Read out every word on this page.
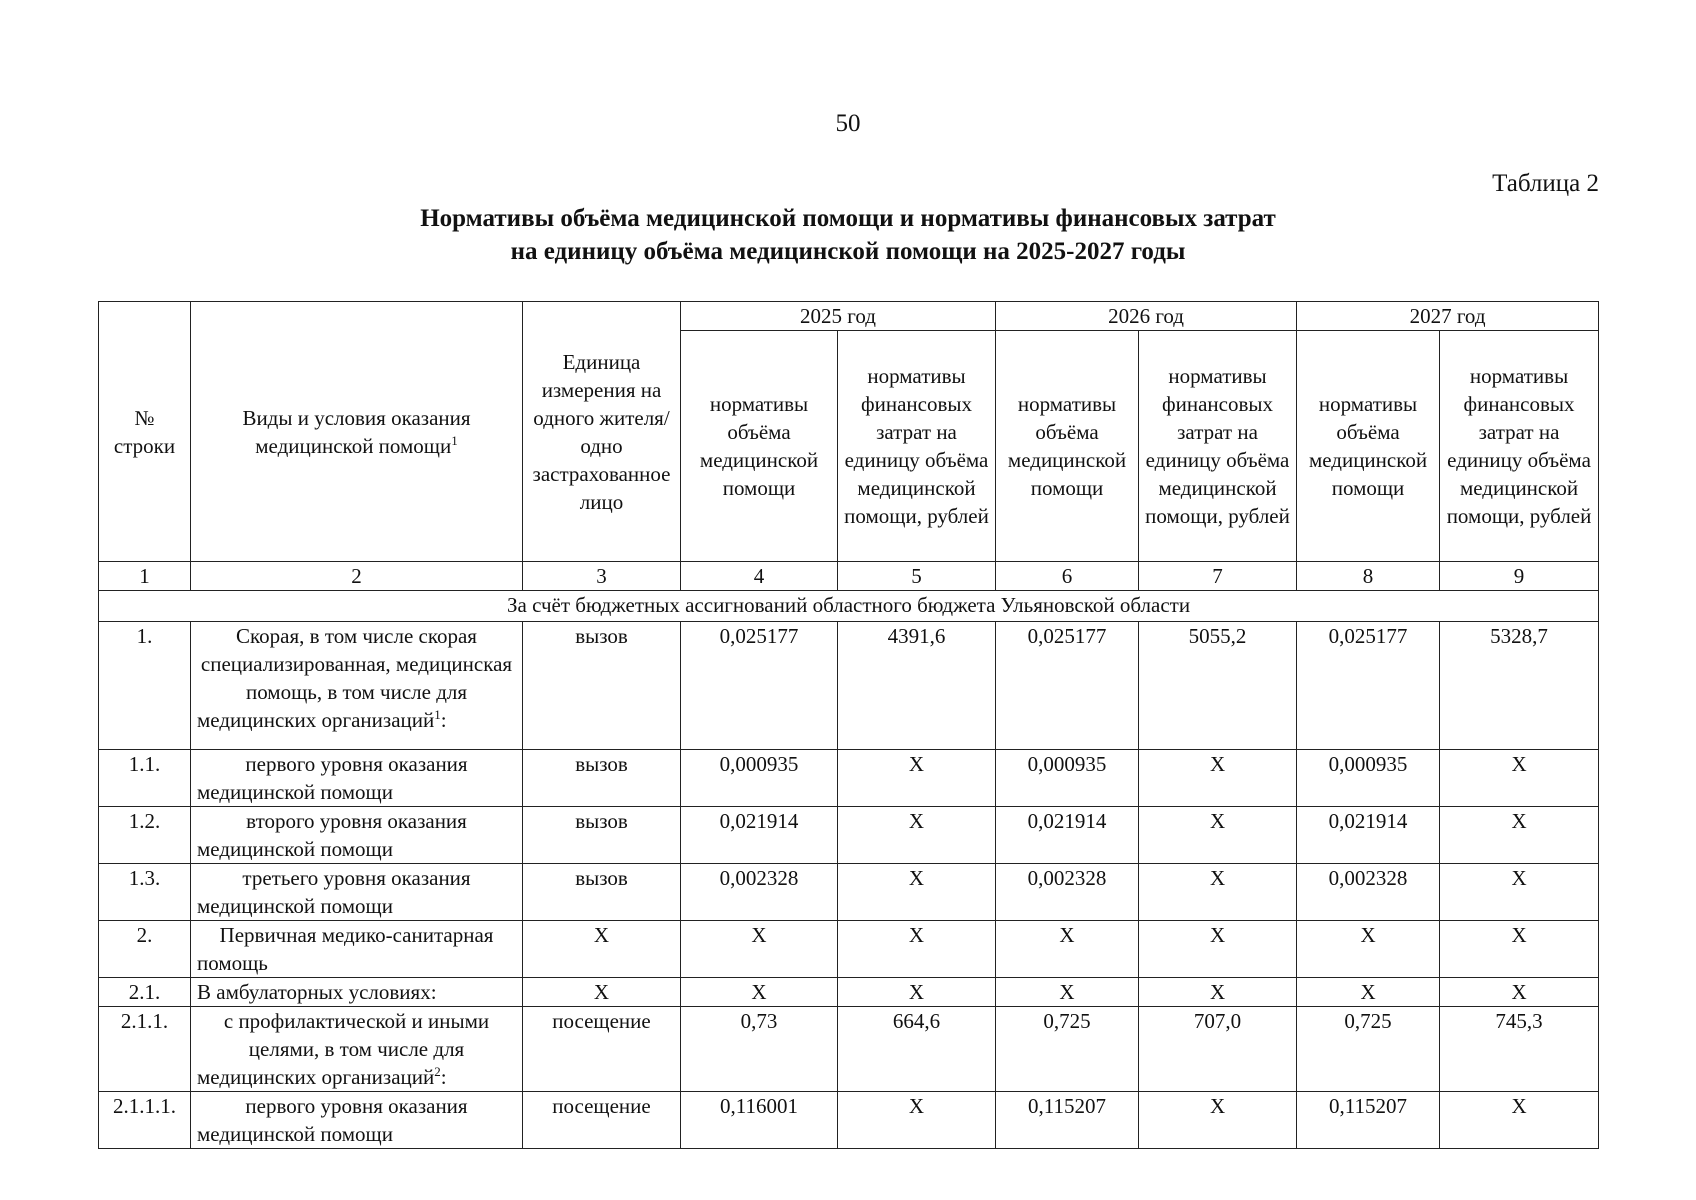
50
Таблица 2
Нормативы объёма медицинской помощи и нормативы финансовых затрат
на единицу объёма медицинской помощи на 2025-2027 годы
№ строки	Виды и условия оказания медицинской помощи$^1$	Единица измерения на одного жителя/одно застрахованное лицо	2025 год		2026 год		2027 год	
			нормативы объёма медицинской помощи	нормативы финансовых затрат на единицу объёма медицинской помощи, рублей	нормативы объёма медицинской помощи	нормативы финансовых затрат на единицу объёма медицинской помощи, рублей	нормативы объёма медицинской помощи	нормативы финансовых затрат на единицу объёма медицинской помощи, рублей
1	2	3	4	5	6	7	8	9
За счёт бюджетных ассигнований областного бюджета Ульяновской области								
1.	Скорая, в том числе скорая специализированная, медицинская помощь, в том числе для медицинских организаций$^1$:	вызов	0,025177	4391,6	0,025177	5055,2	0,025177	5328,7
1.1.	первого уровня оказания медицинской помощи	вызов	0,000935	Х	0,000935	Х	0,000935	Х
1.2.	второго уровня оказания медицинской помощи	вызов	0,021914	Х	0,021914	Х	0,021914	Х
1.3.	третьего уровня оказания медицинской помощи	вызов	0,002328	Х	0,002328	Х	0,002328	Х
2.	Первичная медико-санитарная помощь	Х	Х	Х	Х	Х	Х	Х
2.1.	В амбулаторных условиях:	Х	Х	Х	Х	Х	Х	Х
2.1.1.	с профилактической и иными целями, в том числе для медицинских организаций$^2$:	посещение	0,73	664,6	0,725	707,0	0,725	745,3
2.1.1.1.	первого уровня оказания медицинской помощи	посещение	0,116001	Х	0,115207	Х	0,115207	Х
